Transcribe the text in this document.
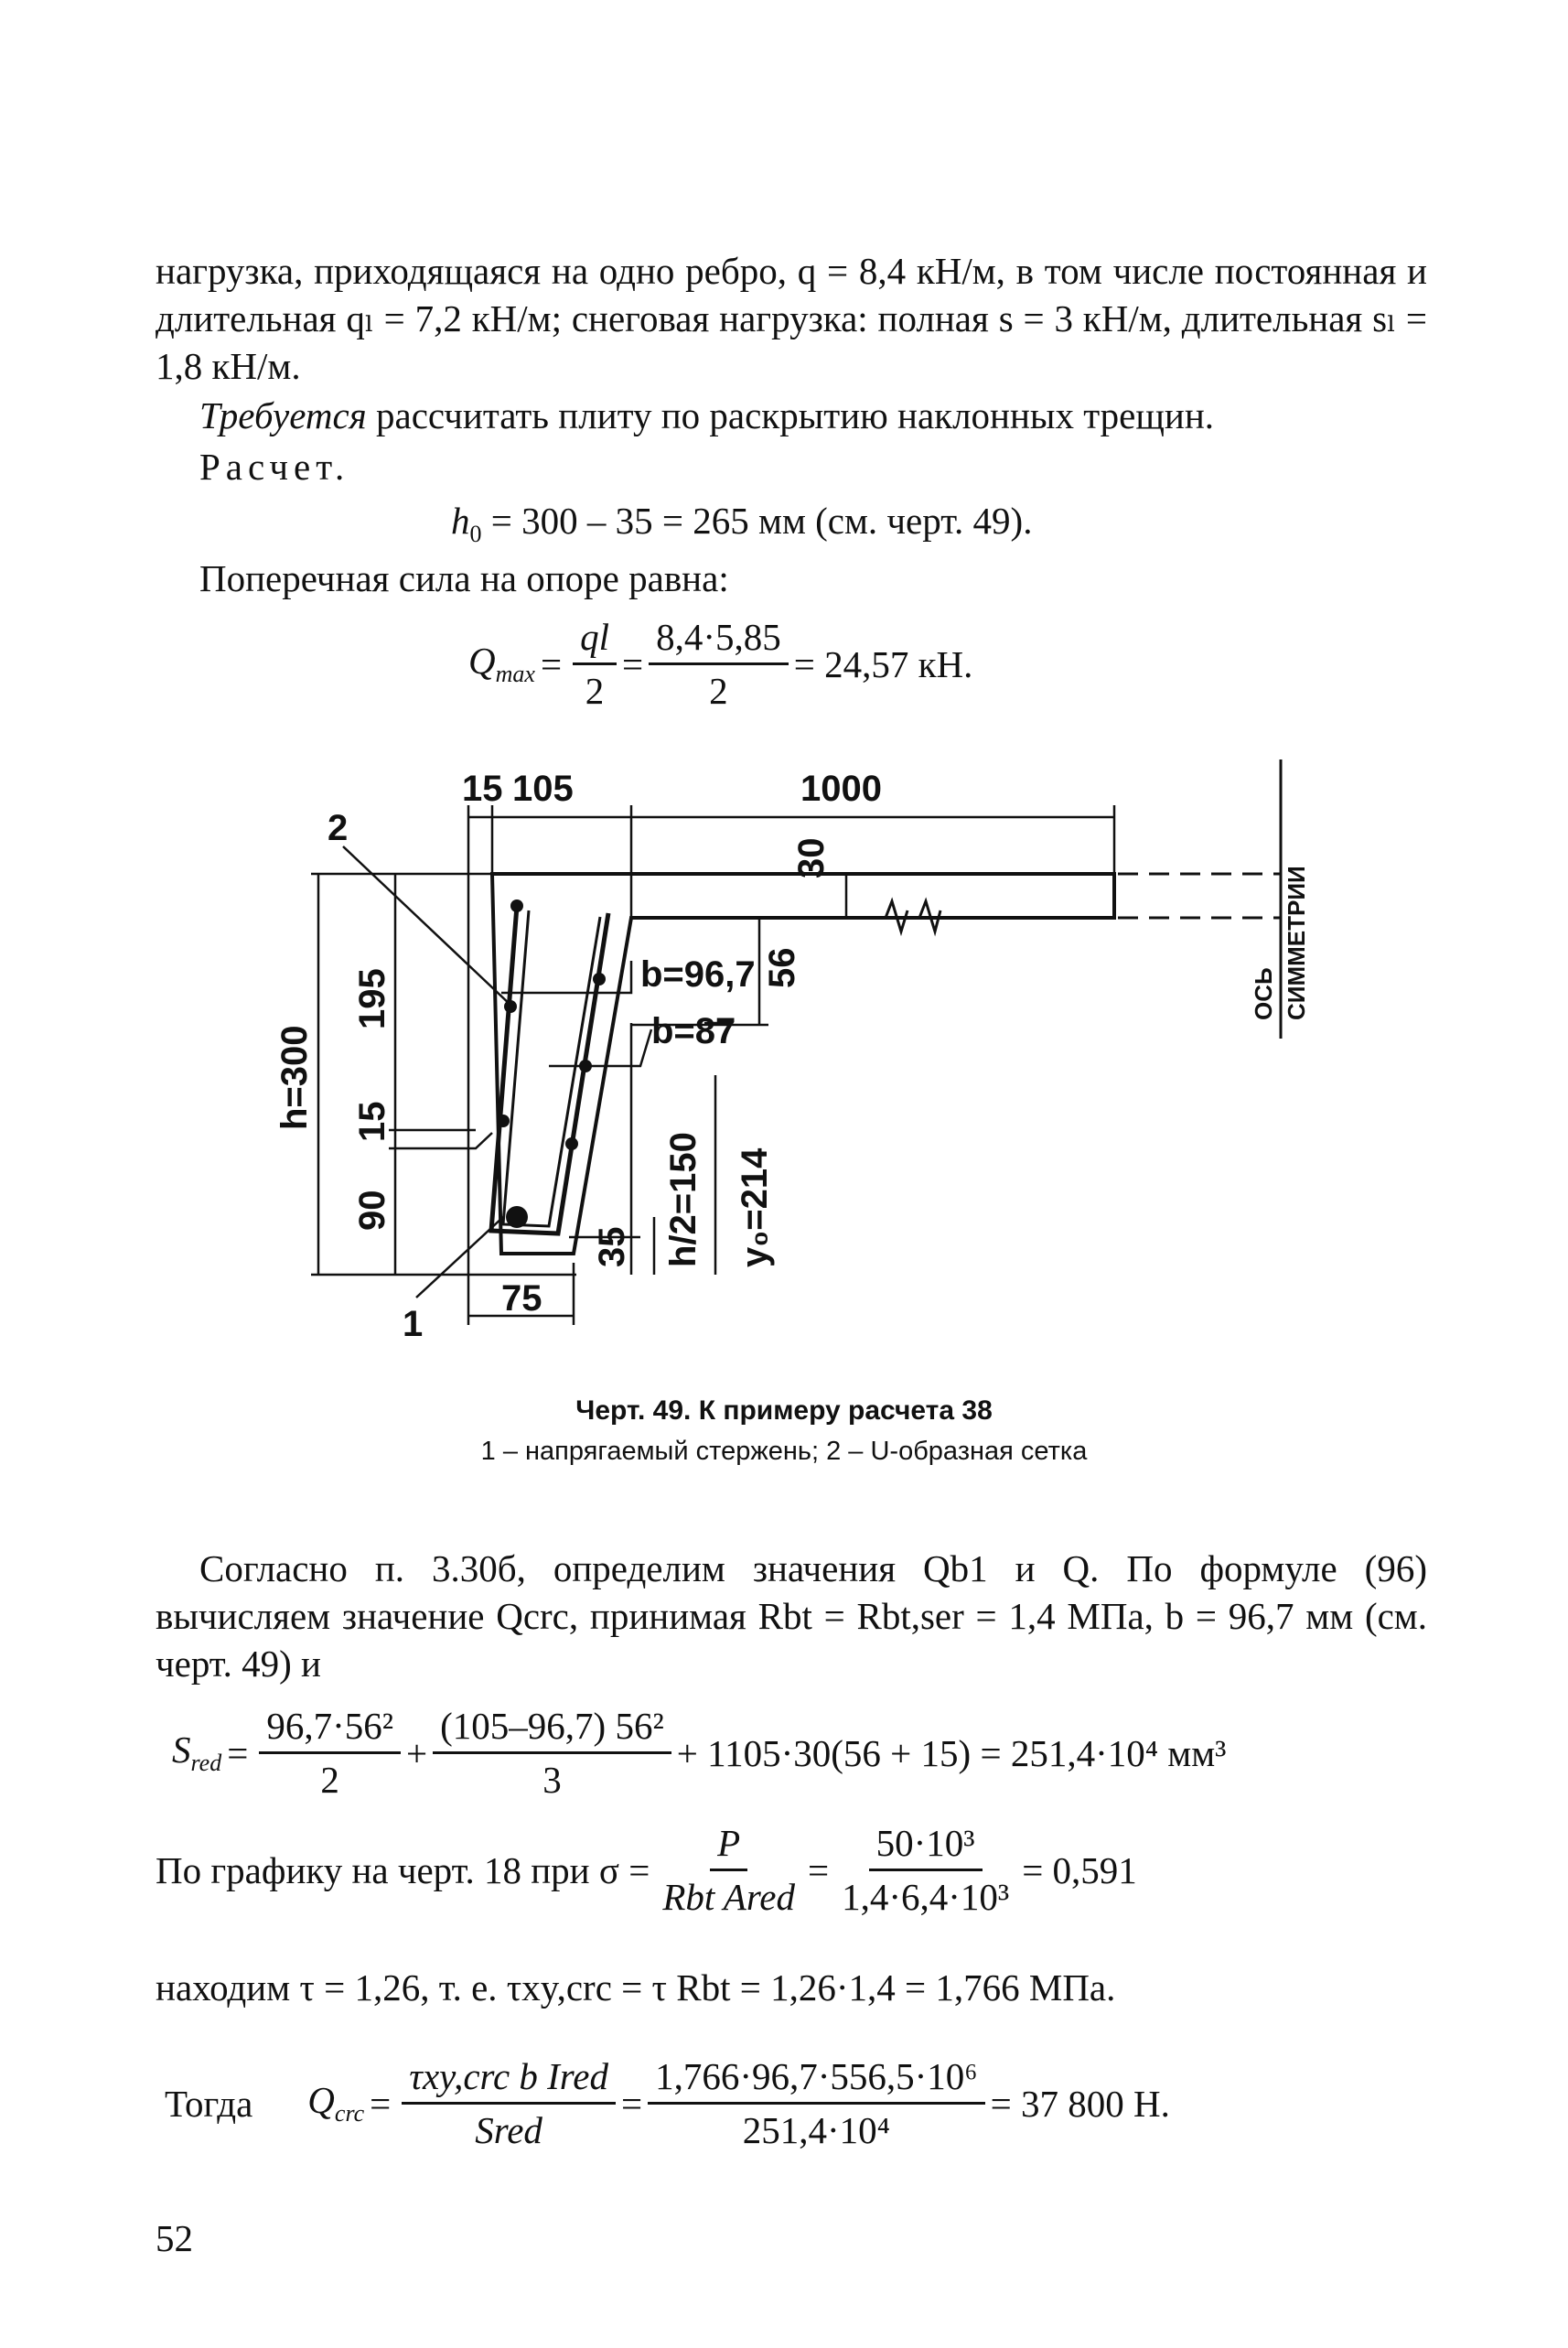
нагрузка, приходящаяся на одно ребро, q = 8,4 кН/м, в том числе постоянная и длительная qₗ = 7,2 кН/м; снеговая нагрузка: полная s = 3 кН/м, длительная sₗ = 1,8 кН/м.
Требуется рассчитать плиту по раскрытию наклонных трещин.
Расчет.
$h_0 = 300 - 35 = 265$ мм (см. черт. 49).
Поперечная сила на опоре равна:
$Q_{max} = \frac{ql}{2} = \frac{8,4\cdot 5,85}{2} = 24,57$ кН.
15 105	1000
30
56
195
h=300 15
90
35 h/2=150 y₀=214
75
b=96,7
b=87
2
1
ОСЬ СИММЕТРИИ
Черт. 49. К примеру расчета 38
1 – напрягаемый стержень; 2 – U-образная сетка
Согласно п. 3.30б, определим значения Qb1 и Q. По формуле (96) вычисляем значение Qcrc, принимая Rbt = Rbt,ser = 1,4 МПа, b = 96,7 мм (см. черт. 49) и
$S_{red} = \frac{\text{96,7·56²}}{2} + \frac{\text{(105–96,7) 56²}}{3} + 1105\cdot 30(56 + 15) = 251,4\cdot 10^4$ мм³
По графику на черт. 18 при $\sigma = \frac{P}{\text{Rbt Ared}} = \frac{\text{50·10³}}{\text{1,4·6,4·10³}} = 0,591$
находим τ = 1,26, т. е. τxy,crc = τ Rbt = 1,26·1,4 = 1,766 МПа.
Тогда $Q_{crc} = \frac{\text{τxy,crc b Ired}}{\text{Sred}} = \frac{\text{1,766·96,7·556,5·10⁶}}{\text{251,4·10⁴}} = 37$ 800 Н.
52
